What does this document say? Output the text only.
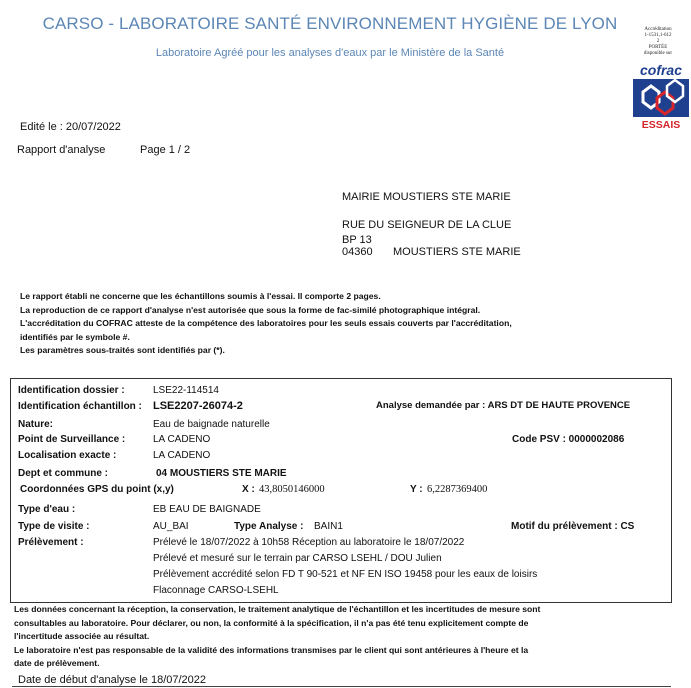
CARSO - LABORATOIRE SANTÉ ENVIRONNEMENT HYGIÈNE DE LYON
Laboratoire Agréé pour les analyses d'eaux par le Ministère de la Santé
Accréditation
1-1531,1-612
2
PORTÉE
disponible sur
cofrac
ESSAIS
Edité le : 20/07/2022
Rapport d'analyse	Page 1 / 2
MAIRIE MOUSTIERS STE MARIE
RUE DU SEIGNEUR DE LA CLUE
BP 13
04360 MOUSTIERS STE MARIE
Le rapport établi ne concerne que les échantillons soumis à l'essai. Il comporte 2 pages.
La reproduction de ce rapport d'analyse n'est autorisée que sous la forme de fac-similé photographique intégral.
L'accréditation du COFRAC atteste de la compétence des laboratoires pour les seuls essais couverts par l'accréditation,
identifiés par le symbole #.
Les paramètres sous-traités sont identifiés par (*).
Identification dossier :	LSE22-114514
Identification échantillon : LSE2207-26074-2	Analyse demandée par : ARS DT DE HAUTE PROVENCE
Nature:	Eau de baignade naturelle
Point de Surveillance :	LA CADENO	Code PSV : 0000002086
Localisation exacte :	LA CADENO
Dept et commune :	04 MOUSTIERS STE MARIE
Coordonnées GPS du point (x,y)	X : 43,8050146000	Y : 6,2287369400
Type d'eau :	EB EAU DE BAIGNADE
Type de visite :	AU_BAI	Type Analyse : BAIN1	Motif du prélèvement : CS
Prélèvement :	Prélevé le 18/07/2022 à 10h58 Réception au laboratoire le 18/07/2022
Prélevé et mesuré sur le terrain par CARSO LSEHL / DOU Julien
Prélèvement accrédité selon FD T 90-521 et NF EN ISO 19458 pour les eaux de loisirs
Flaconnage CARSO-LSEHL
Les données concernant la réception, la conservation, le traitement analytique de l'échantillon et les incertitudes de mesure sont
consultables au laboratoire. Pour déclarer, ou non, la conformité à la spécification, il n'a pas été tenu explicitement compte de
l'incertitude associée au résultat.
Le laboratoire n'est pas responsable de la validité des informations transmises par le client qui sont antérieures à l'heure et la
date de prélèvement.
Date de début d'analyse le 18/07/2022
